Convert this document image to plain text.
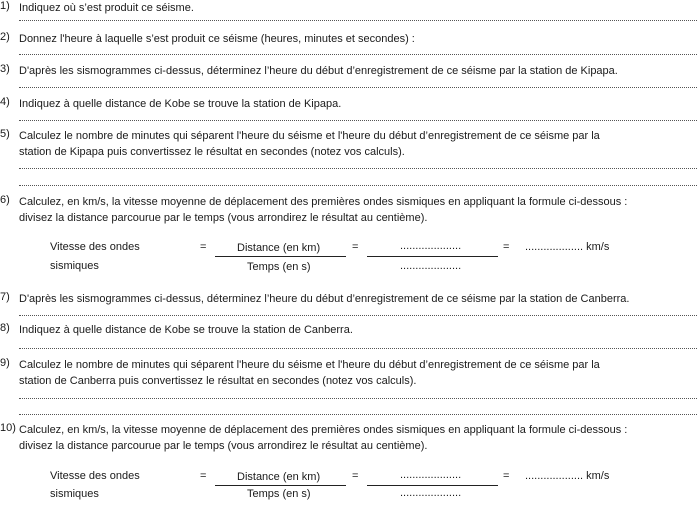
1) Indiquez où s’est produit ce séisme.
2) Donnez l'heure à laquelle s’est produit ce séisme (heures, minutes et secondes) :
3) D'après les sismogrammes ci-dessus, déterminez l’heure du début d’enregistrement de ce séisme par la station de Kipapa.
4) Indiquez à quelle distance de Kobe se trouve la station de Kipapa.
5) Calculez le nombre de minutes qui séparent l'heure du séisme et l'heure du début d’enregistrement de ce séisme par la
station de Kipapa puis convertissez le résultat en secondes (notez vos calculs).
6) Calculez, en km/s, la vitesse moyenne de déplacement des premières ondes sismiques en appliquant la formule ci-dessous :
divisez la distance parcourue par le temps (vous arrondirez le résultat au centième).
Vitesse des ondes
sismiques
=	Distance (en km)
Temps (en s)
=	....................
....................
= ................... km/s
7) D'après les sismogrammes ci-dessus, déterminez l’heure du début d’enregistrement de ce séisme par la station de Canberra.
8) Indiquez à quelle distance de Kobe se trouve la station de Canberra.
9) Calculez le nombre de minutes qui séparent l'heure du séisme et l'heure du début d’enregistrement de ce séisme par la
station de Canberra puis convertissez le résultat en secondes (notez vos calculs).
10) Calculez, en km/s, la vitesse moyenne de déplacement des premières ondes sismiques en appliquant la formule ci-dessous :
divisez la distance parcourue par le temps (vous arrondirez le résultat au centième).
Vitesse des ondes
sismiques
=	Distance (en km)
Temps (en s)
=	....................
....................
= ................... km/s
